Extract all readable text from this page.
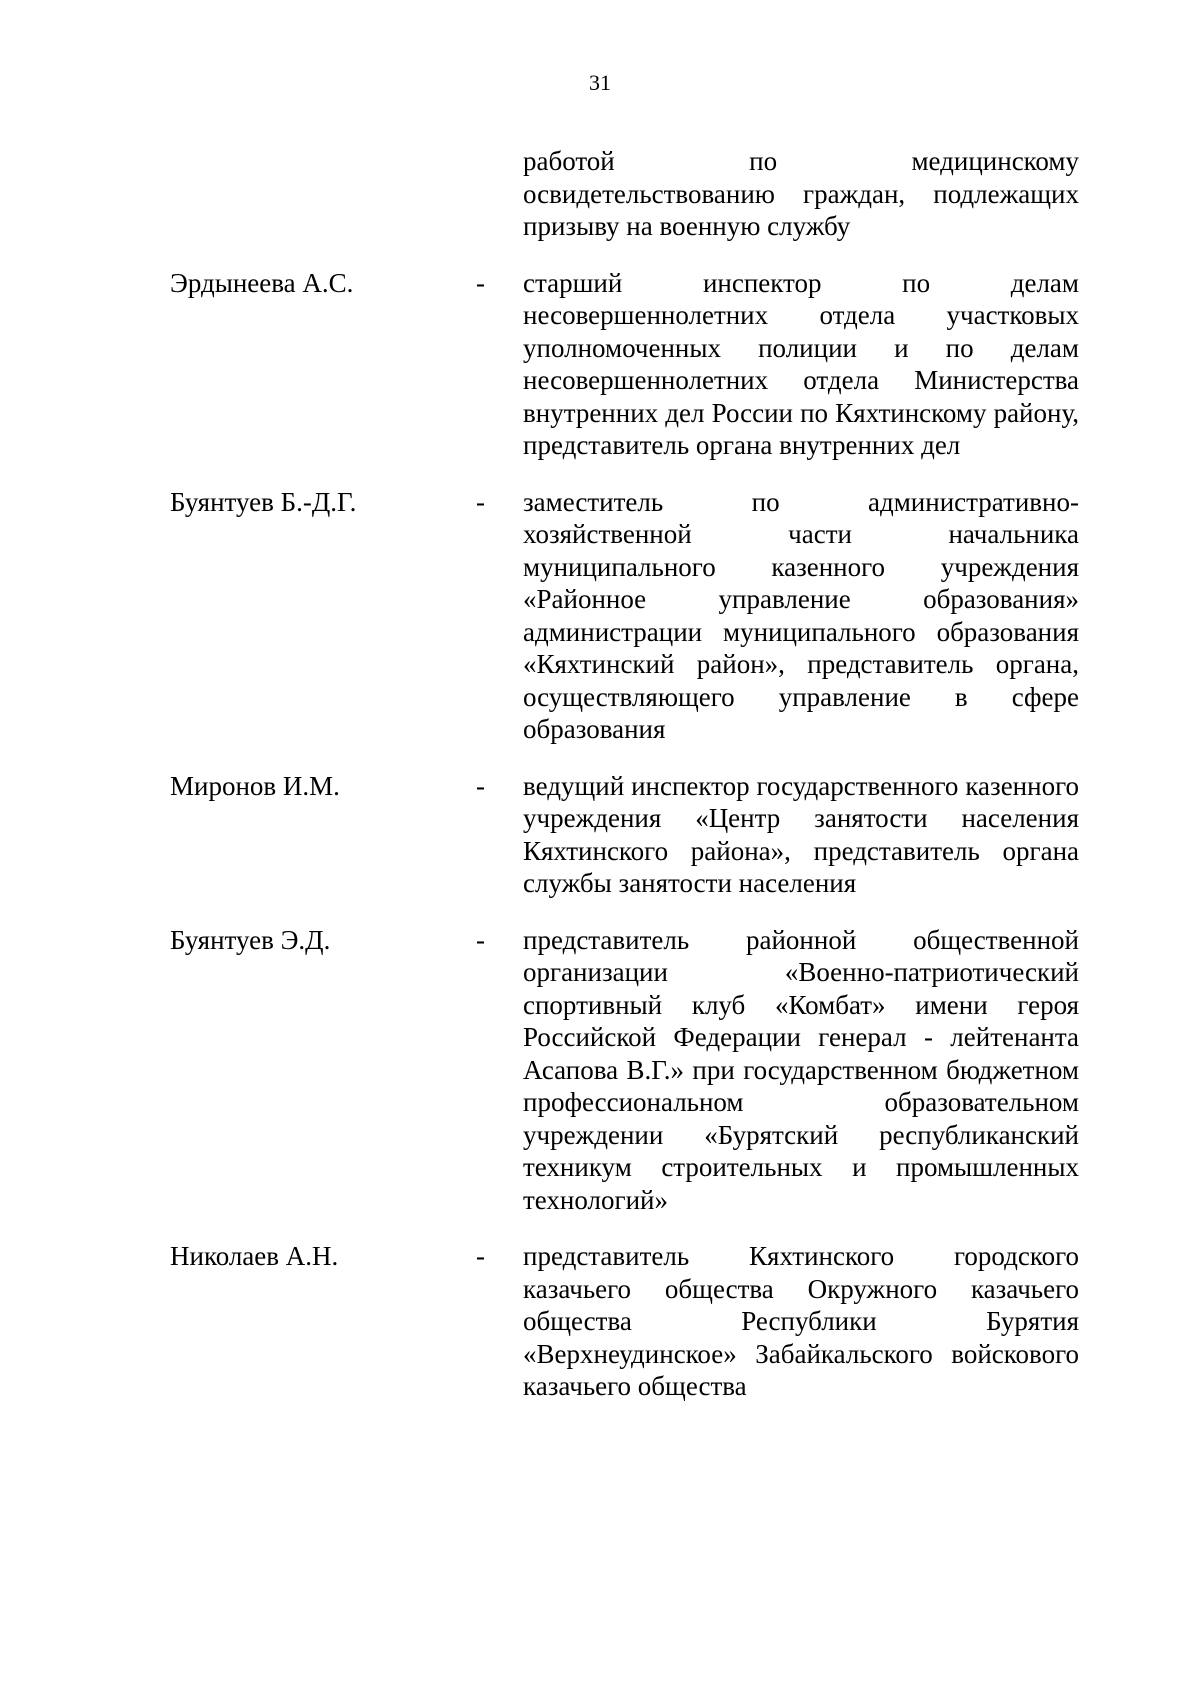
31
работой по медицинскому освидетельствованию граждан, подлежащих призыву на военную службу
Эрдынеева А.С.	- старший инспектор по делам несовершеннолетних отдела участковых уполномоченных полиции и по делам несовершеннолетних отдела Министерства внутренних дел России по Кяхтинскому району, представитель органа внутренних дел
Буянтуев Б.-Д.Г.	- заместитель по административно-хозяйственной части начальника муниципального казенного учреждения «Районное управление образования» администрации муниципального образования «Кяхтинский район», представитель органа, осуществляющего управление в сфере образования
Миронов И.М.	- ведущий инспектор государственного казенного учреждения «Центр занятости населения Кяхтинского района», представитель органа службы занятости населения
Буянтуев Э.Д.	- представитель районной общественной организации «Военно-патриотический спортивный клуб «Комбат» имени героя Российской Федерации генерал - лейтенанта Асапова В.Г.» при государственном бюджетном профессиональном образовательном учреждении «Бурятский республиканский техникум строительных и промышленных технологий»
Николаев А.Н.	- представитель Кяхтинского городского казачьего общества Окружного казачьего общества Республики Бурятия «Верхнеудинское» Забайкальского войскового казачьего общества
